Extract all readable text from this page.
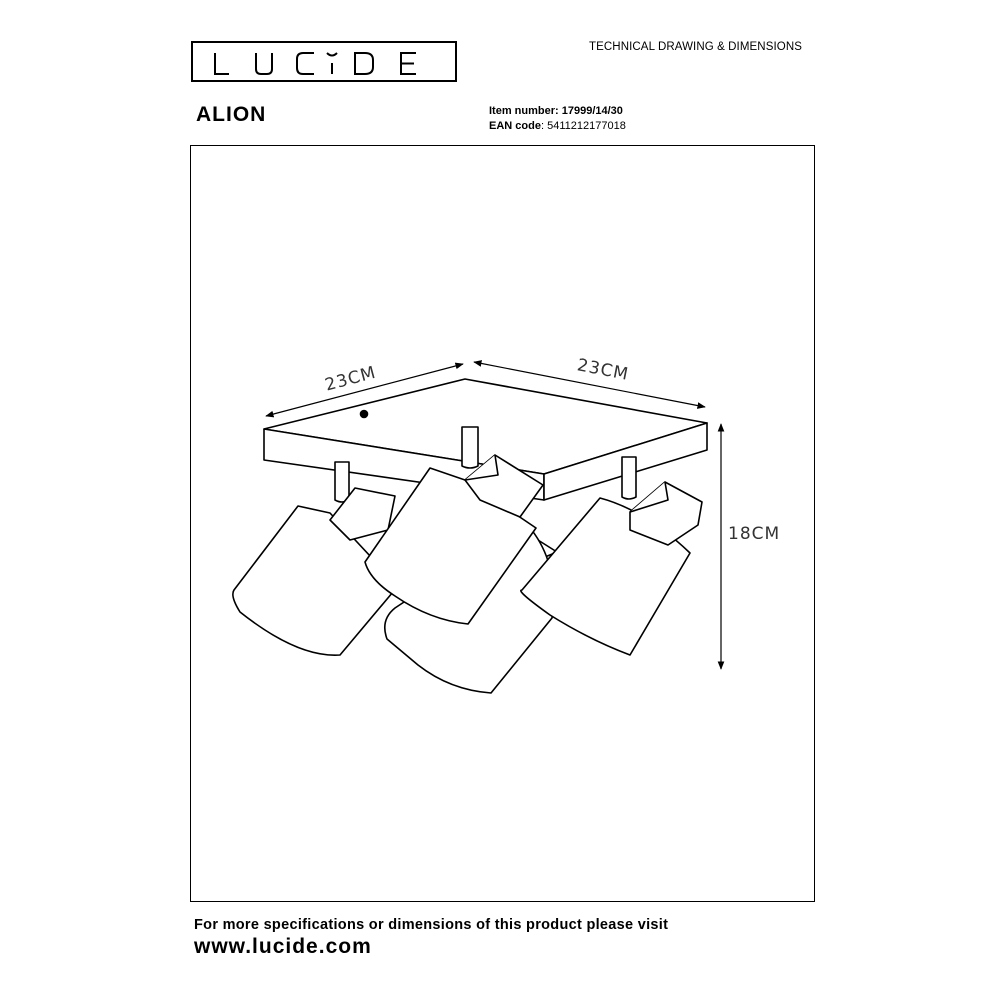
TECHNICAL DRAWING & DIMENSIONS
ALION	Item number: 17999/14/30
EAN code: 5411212177018
23CM	23CM
18CM
For more specifications or dimensions of this product please visit
www.lucide.com
